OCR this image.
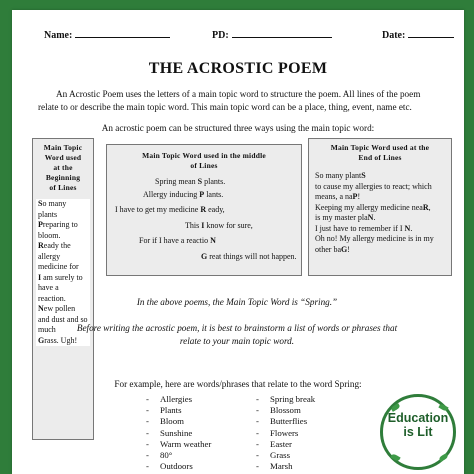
Name:	PD:	Date:
THE ACROSTIC POEM
An Acrostic Poem uses the letters of a main topic word to structure the poem. All lines of the poem relate to or describe the main topic word. This main topic word can be a place, thing, event, name etc.
An acrostic poem can be structured three ways using the main topic word:
Main Topic
Word used
at the
Beginning
of Lines
So many
plants
Preparing to
bloom.
Ready the
allergy
medicine for
I am surely to
have a
reaction.
New pollen
and dust and so
much
Grass. Ugh!
Main Topic Word used in the middle
of Lines
Spring mean S plants.
Allergy inducing P lants.
I have to get my medicine R eady,
This I know for sure,
For if I have a reactio N
G reat things will not happen.
Main Topic Word used at the
End of Lines
So many plantS
to cause my allergies to react; which
means, a naP!
Keeping my allergy medicine neaR,
is my master plaN.
I just have to remember if I N.
Oh no! My allergy medicine is in my
other baG!
In the above poems, the Main Topic Word is “Spring.”
Before writing the acrostic poem, it is best to brainstorm a list of words or phrases that relate to your main topic word.
For example, here are words/phrases that relate to the word Spring:
- Allergies
- Plants
- Bloom
- Sunshine
- Warm weather
- 80°
- Outdoors
- Spring break
- Blossom
- Butterflies
- Flowers
- Easter
- Grass
- Marsh
Education
is Lit
